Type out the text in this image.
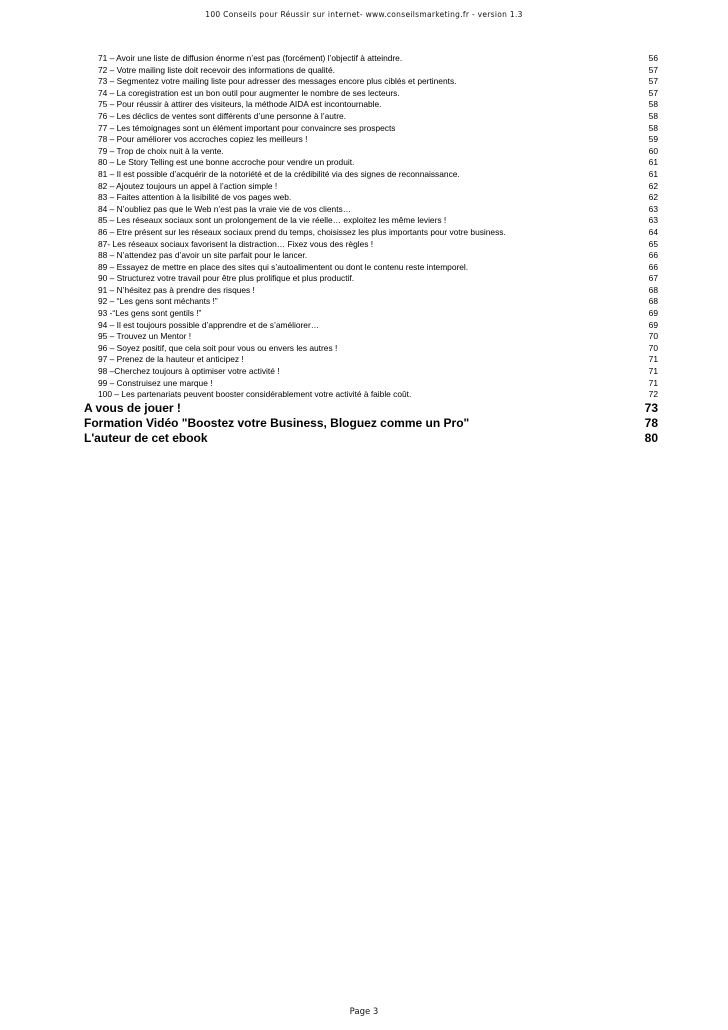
100 Conseils pour Réussir sur internet- www.conseilsmarketing.fr - version 1.3
71 – Avoir une liste de diffusion énorme n’est pas (forcément) l’objectif à atteindre.	56
72 – Votre mailing liste doit recevoir des informations de qualité.	57
73 – Segmentez votre mailing liste pour adresser des messages encore plus ciblés et pertinents.	57
74 – La coregistration est un bon outil pour augmenter le nombre de ses lecteurs.	57
75 – Pour réussir à attirer des visiteurs, la méthode AIDA est incontournable.	58
76 – Les déclics de ventes sont différents d’une personne à l’autre.	58
77 – Les témoignages sont un élément important pour convaincre ses prospects	58
78 – Pour améliorer vos accroches copiez les meilleurs !	59
79 – Trop de choix nuit à la vente.	60
80 – Le Story Telling est une bonne accroche pour vendre un produit.	61
81 – Il est possible d’acquérir de la notoriété et de la crédibilité via des signes de reconnaissance.	61
82 – Ajoutez toujours un appel à l’action simple !	62
83 – Faites attention à la lisibilité de vos pages web.	62
84 – N’oubliez pas que le Web n’est pas la vraie vie de vos clients…	63
85 – Les réseaux sociaux sont un prolongement de la vie réelle… exploitez les même leviers !	63
86 – Etre présent sur les réseaux sociaux prend du temps, choisissez les plus importants pour votre business.	64
87- Les réseaux sociaux favorisent la distraction… Fixez vous des règles !	65
88 – N’attendez pas d’avoir un site parfait pour le lancer.	66
89 – Essayez de mettre en place des sites qui s’autoalimentent ou dont le contenu reste intemporel.	66
90 – Structurez votre travail pour être plus prolifique et plus productif.	67
91 – N’hésitez pas à prendre des risques !	68
92 – “Les gens sont méchants !”	68
93 -“Les gens sont gentils !”	69
94 – Il est toujours possible d’apprendre et de s’améliorer…	69
95 – Trouvez un Mentor !	70
96 – Soyez positif, que cela soit pour vous ou envers les autres !	70
97 – Prenez de la hauteur et anticipez !	71
98 –Cherchez toujours à optimiser votre activité !	71
99 – Construisez une marque !	71
100 – Les partenariats peuvent booster considérablement votre activité à faible coût.	72
A vous de jouer !	73
Formation Vidéo "Boostez votre Business, Bloguez comme un Pro"	78
L'auteur de cet ebook	80
Page 3
